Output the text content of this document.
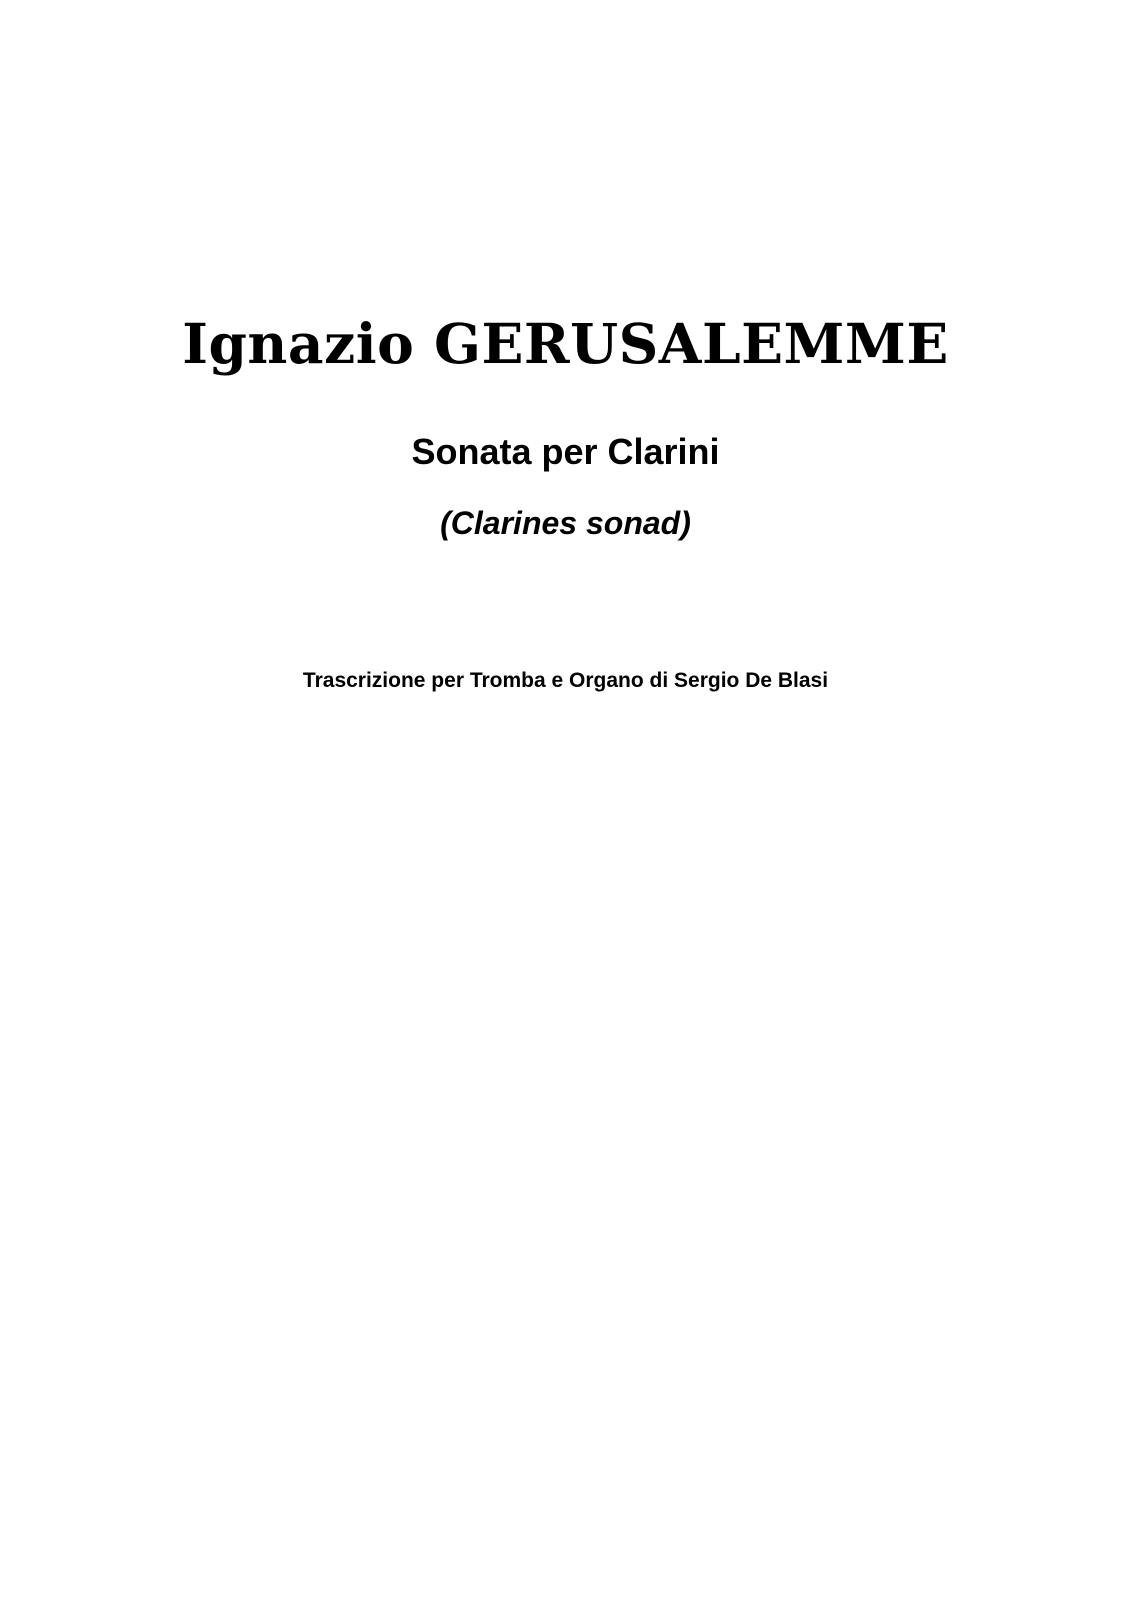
Ignazio GERUSALEMME
Sonata per Clarini
(Clarines sonad)

Trascrizione per Tromba e Organo di Sergio De Blasi
